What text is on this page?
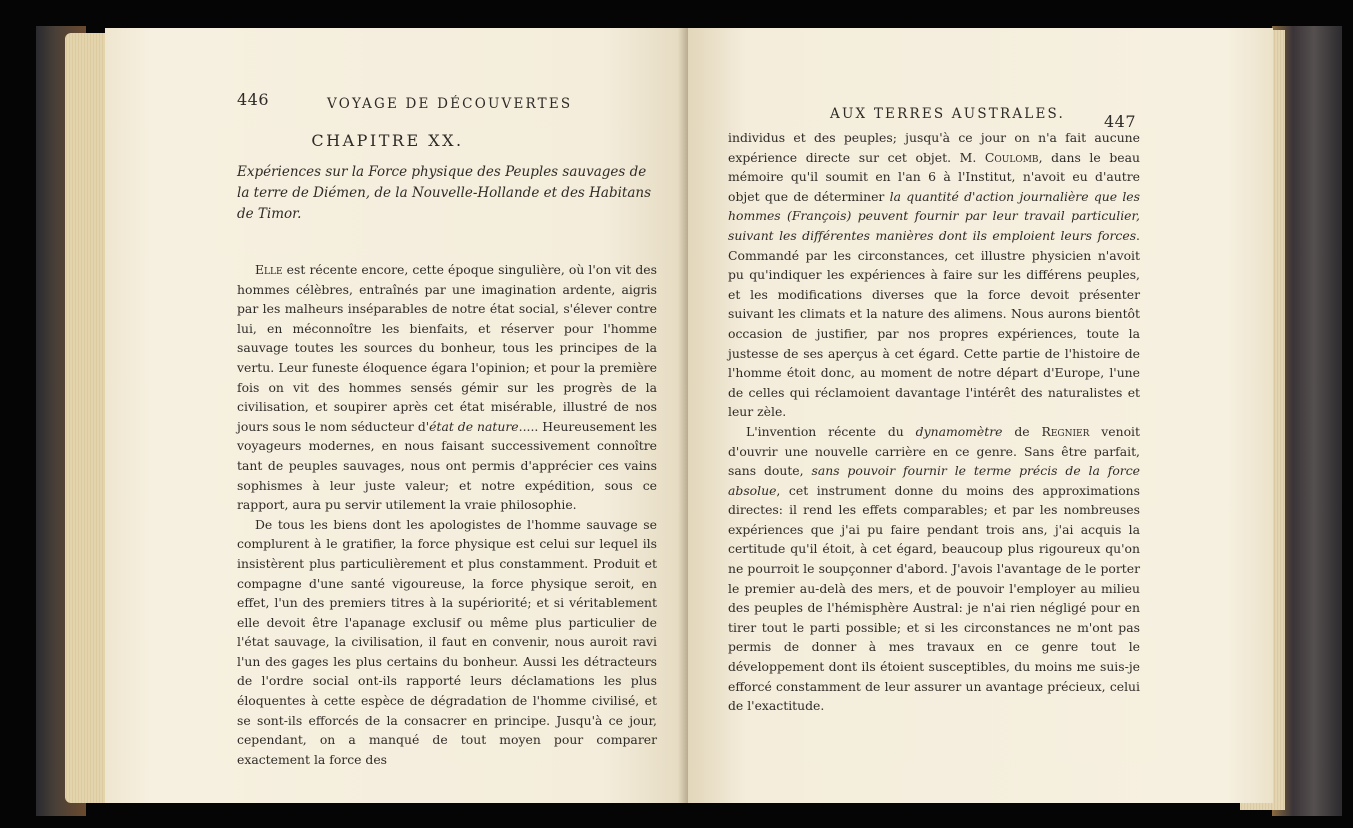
446	VOYAGE DE DÉCOUVERTES
CHAPITRE XX.
Expériences sur la Force physique des Peuples sauvages de la terre de Diémen, de la Nouvelle-Hollande et des Habitans de Timor.

Elle est récente encore, cette époque singulière, où l'on vit des hommes célèbres, entraînés par une imagination ardente, aigris par les malheurs inséparables de notre état social, s'élever contre lui, en méconnoître les bienfaits, et réserver pour l'homme sauvage toutes les sources du bonheur, tous les principes de la vertu. Leur funeste éloquence égara l'opinion; et pour la première fois on vit des hommes sensés gémir sur les progrès de la civilisation, et soupirer après cet état misérable, illustré de nos jours sous le nom séducteur d'état de nature..... Heureusement les voyageurs modernes, en nous faisant successivement connoître tant de peuples sauvages, nous ont permis d'apprécier ces vains sophismes à leur juste valeur; et notre expédition, sous ce rapport, aura pu servir utilement la vraie philosophie.

De tous les biens dont les apologistes de l'homme sauvage se complurent à le gratifier, la force physique est celui sur lequel ils insistèrent plus particulièrement et plus constamment. Produit et compagne d'une santé vigoureuse, la force physique seroit, en effet, l'un des premiers titres à la supériorité; et si véritablement elle devoit être l'apanage exclusif ou même plus particulier de l'état sauvage, la civilisation, il faut en convenir, nous auroit ravi l'un des gages les plus certains du bonheur. Aussi les détracteurs de l'ordre social ont-ils rapporté leurs déclamations les plus éloquentes à cette espèce de dégradation de l'homme civilisé, et se sont-ils efforcés de la consacrer en principe. Jusqu'à ce jour, cependant, on a manqué de tout moyen pour comparer exactement la force des

AUX TERRES AUSTRALES. 447

individus et des peuples; jusqu'à ce jour on n'a fait aucune expérience directe sur cet objet. M. Coulomb, dans le beau mémoire qu'il soumit en l'an 6 à l'Institut, n'avoit eu d'autre objet que de déterminer la quantité d'action journalière que les hommes (François) peuvent fournir par leur travail particulier, suivant les différentes manières dont ils emploient leurs forces. Commandé par les circonstances, cet illustre physicien n'avoit pu qu'indiquer les expériences à faire sur les différens peuples, et les modifications diverses que la force devoit présenter suivant les climats et la nature des alimens. Nous aurons bientôt occasion de justifier, par nos propres expériences, toute la justesse de ses aperçus à cet égard. Cette partie de l'histoire de l'homme étoit donc, au moment de notre départ d'Europe, l'une de celles qui réclamoient davantage l'intérêt des naturalistes et leur zèle.

L'invention récente du dynamomètre de Regnier venoit d'ouvrir une nouvelle carrière en ce genre. Sans être parfait, sans doute, sans pouvoir fournir le terme précis de la force absolue, cet instrument donne du moins des approximations directes: il rend les effets comparables; et par les nombreuses expériences que j'ai pu faire pendant trois ans, j'ai acquis la certitude qu'il étoit, à cet égard, beaucoup plus rigoureux qu'on ne pourroit le soupçonner d'abord. J'avois l'avantage de le porter le premier au-delà des mers, et de pouvoir l'employer au milieu des peuples de l'hémisphère Austral: je n'ai rien négligé pour en tirer tout le parti possible; et si les circonstances ne m'ont pas permis de donner à mes travaux en ce genre tout le développement dont ils étoient susceptibles, du moins me suis-je efforcé constamment de leur assurer un avantage précieux, celui de l'exactitude.
